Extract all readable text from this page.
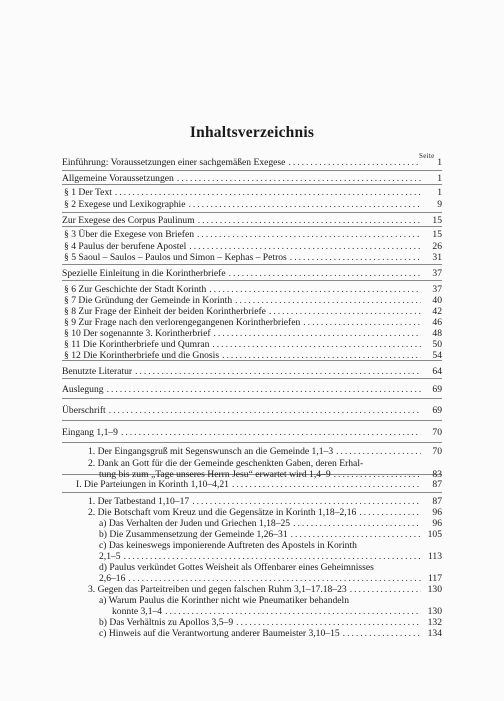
Inhaltsverzeichnis
Seite
Einführung: Voraussetzungen einer sachgemäßen Exegese .....	1
Allgemeine Voraussetzungen .....	1
§ 1 Der Text .....	1
§ 2 Exegese und Lexikographie .....	9
Zur Exegese des Corpus Paulinum .....	15
§ 3 Über die Exegese von Briefen .....	15
§ 4 Paulus der berufene Apostel .....	26
§ 5 Saoul – Saulos – Paulos und Simon – Kephas – Petros .....	31
Spezielle Einleitung in die Korintherbriefe .....	37
§ 6 Zur Geschichte der Stadt Korinth .....	37
§ 7 Die Gründung der Gemeinde in Korinth .....	40
§ 8 Zur Frage der Einheit der beiden Korintherbriefe .....	42
§ 9 Zur Frage nach den verlorengegangenen Korintherbriefen .....	46
§ 10 Der sogenannte 3. Korintherbrief .....	48
§ 11 Die Korintherbriefe und Qumran .....	50
§ 12 Die Korintherbriefe und die Gnosis .....	54
Benutzte Literatur .....	64
Auslegung .....	69
Überschrift .....	69
Eingang 1,1–9 .....	70
1. Der Eingangsgruß mit Segenswunsch an die Gemeinde 1,1–3 .....	70
2. Dank an Gott für die der Gemeinde geschenkten Gaben, deren Erhal-
tung bis zum „Tage unseres Herrn Jesu“ erwartet wird 1,4–9 .....	83
I. Die Parteiungen in Korinth 1,10–4,21 .....	87
1. Der Tatbestand 1,10–17 .....	87
2. Die Botschaft vom Kreuz und die Gegensätze in Korinth 1,18–2,16 .....	96
a) Das Verhalten der Juden und Griechen 1,18–25 .....	96
b) Die Zusammensetzung der Gemeinde 1,26–31 .....	105
c) Das keineswegs imponierende Auftreten des Apostels in Korinth
2,1–5 .....	113
d) Paulus verkündet Gottes Weisheit als Offenbarer eines Geheimnisses
2,6–16 .....	117
3. Gegen das Parteitreiben und gegen falschen Ruhm 3,1–17.18–23 .....	130
a) Warum Paulus die Korinther nicht wie Pneumatiker behandeln
konnte 3,1–4 .....	130
b) Das Verhältnis zu Apollos 3,5–9 .....	132
c) Hinweis auf die Verantwortung anderer Baumeister 3,10–15 .....	134
